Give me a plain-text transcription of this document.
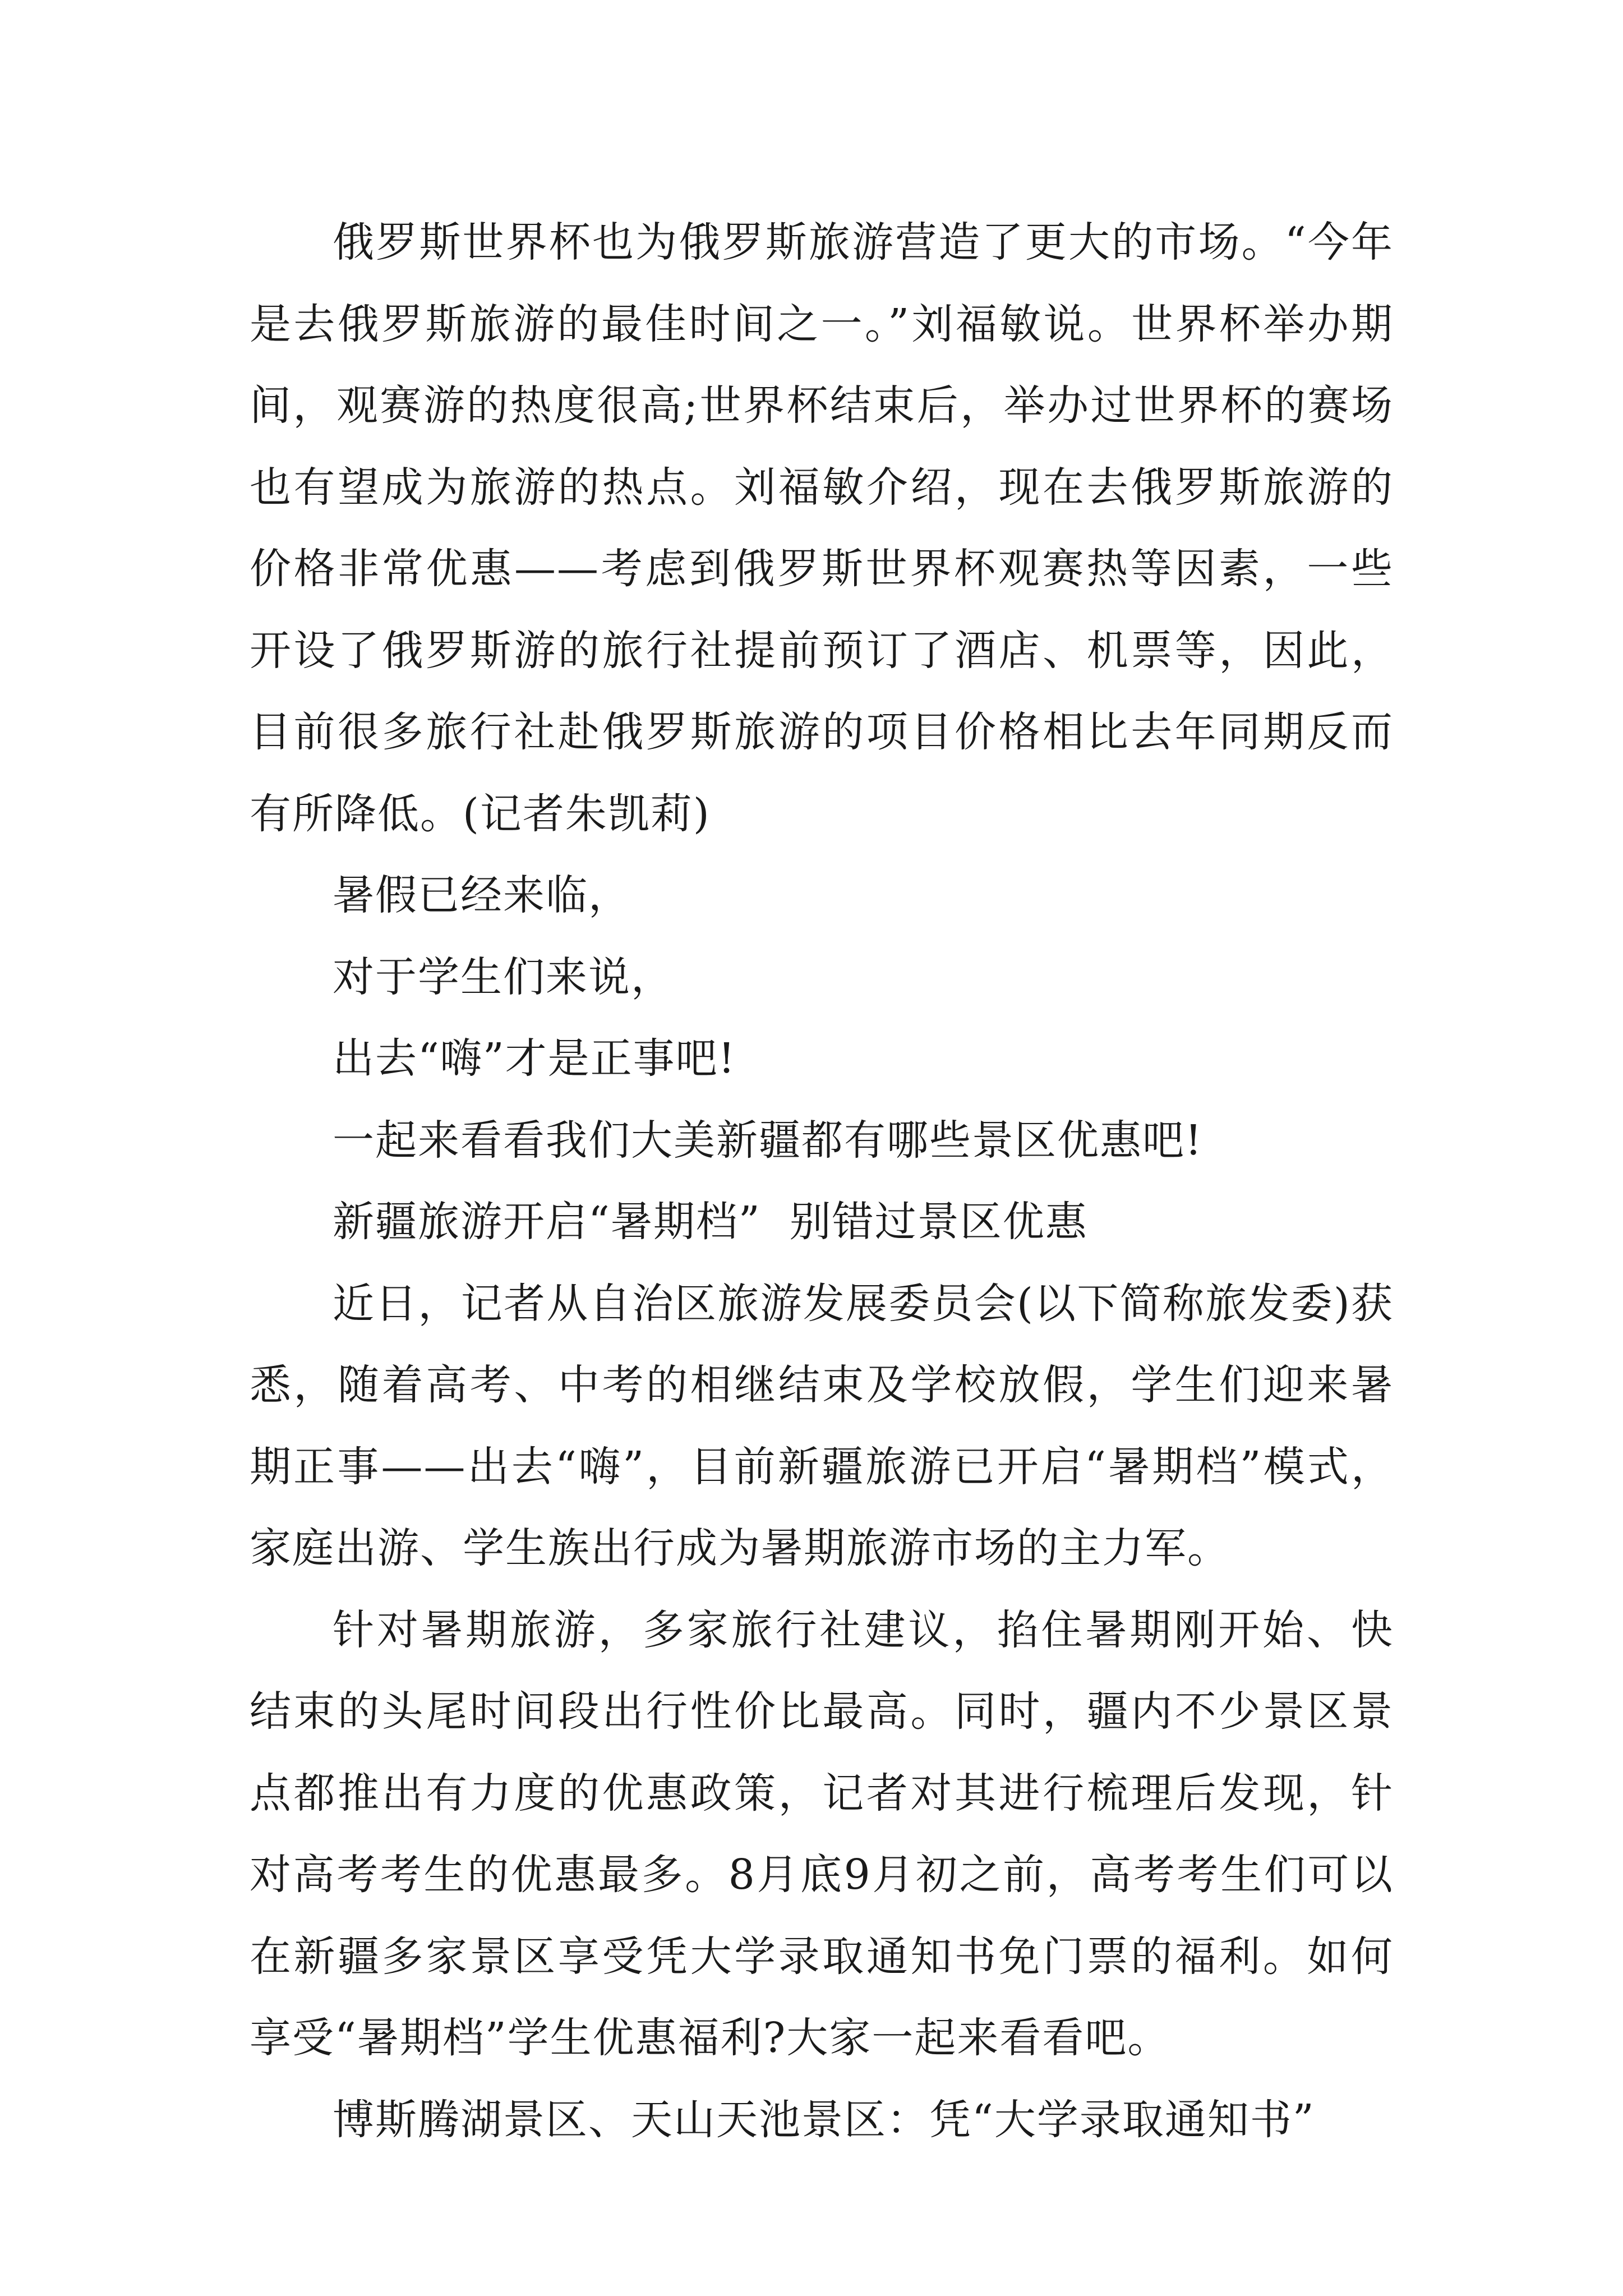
俄罗斯世界杯也为俄罗斯旅游营造了更大的市场。“今年是去俄罗斯旅游的最佳时间之一。”刘福敏说。世界杯举办期间，观赛游的热度很高;世界杯结束后，举办过世界杯的赛场也有望成为旅游的热点。刘福敏介绍，现在去俄罗斯旅游的价格非常优惠——考虑到俄罗斯世界杯观赛热等因素，一些开设了俄罗斯游的旅行社提前预订了酒店、机票等，因此，目前很多旅行社赴俄罗斯旅游的项目价格相比去年同期反而有所降低。(记者朱凯莉)

暑假已经来临，

对于学生们来说，

出去“嗨”才是正事吧!

一起来看看我们大美新疆都有哪些景区优惠吧!

新疆旅游开启“暑期档”  别错过景区优惠

近日，记者从自治区旅游发展委员会(以下简称旅发委)获悉，随着高考、中考的相继结束及学校放假，学生们迎来暑期正事——出去“嗨”，目前新疆旅游已开启“暑期档”模式，家庭出游、学生族出行成为暑期旅游市场的主力军。

针对暑期旅游，多家旅行社建议，掐住暑期刚开始、快结束的头尾时间段出行性价比最高。同时，疆内不少景区景点都推出有力度的优惠政策，记者对其进行梳理后发现，针对高考考生的优惠最多。8月底9月初之前，高考考生们可以在新疆多家景区享受凭大学录取通知书免门票的福利。如何享受“暑期档”学生优惠福利?大家一起来看看吧。

博斯腾湖景区、天山天池景区：凭“大学录取通知书”
